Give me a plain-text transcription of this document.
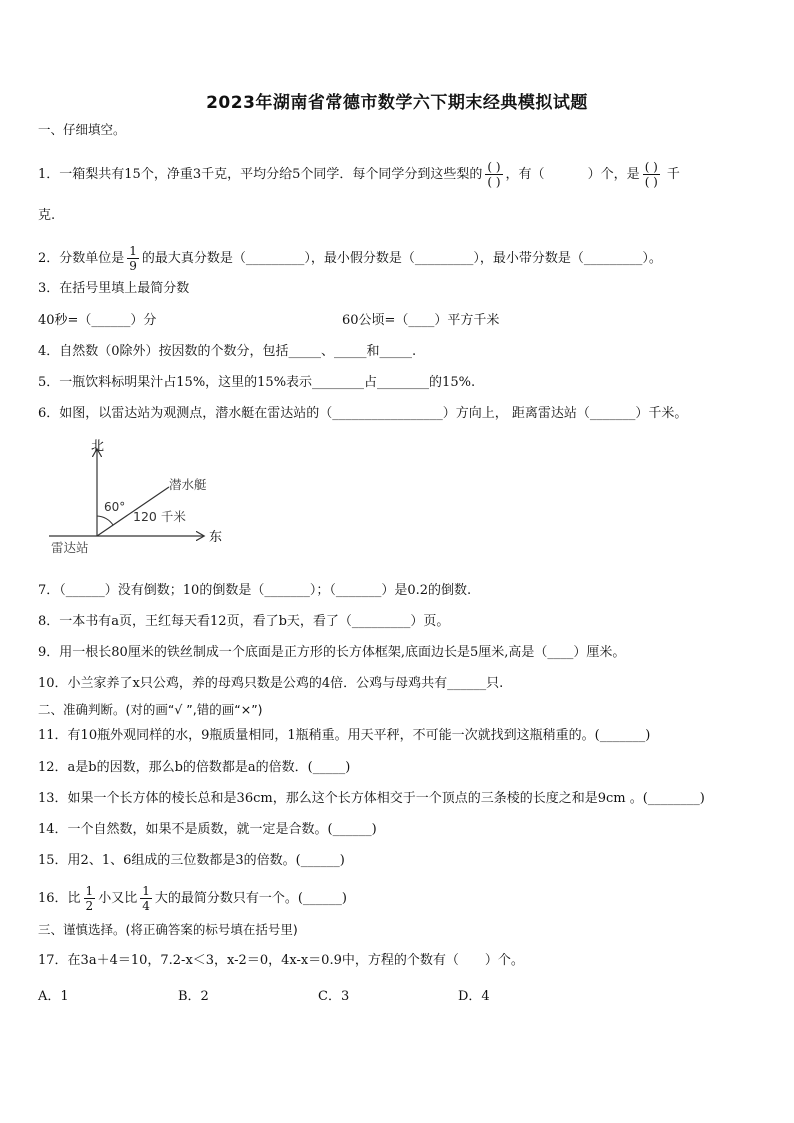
2023年湖南省常德市数学六下期末经典模拟试题
一、仔细填空。
1．一箱梨共有15个，净重3千克，平均分给5个同学．每个同学分到这些梨的 ( )
( ) ，有（ 　　　）个，是 ( )
( ) 千
克.
2．分数单位是 $\frac{1}{9}$ 的最大真分数是（_________），最小假分数是（_________），最小带分数是（_________）。
3．在括号里填上最简分数
40秒=（______）分	60公顷=（____）平方千米
4．自然数（0除外）按因数的个数分，包括_____、_____和_____.
5．一瓶饮料标明果汁占15%，这里的15%表示________占________的15%.
6．如图，以雷达站为观测点，潜水艇在雷达站的（_________________）方向上， 距离雷达站（_______）千米。
北
东
雷达站
潜水艇
60°
120 千米
7．（______）没有倒数；10的倒数是（_______）；（_______）是0.2的倒数.
8．一本书有a页，王红每天看12页，看了b天，看了（_________）页。
9．用一根长80厘米的铁丝制成一个底面是正方形的长方体框架,底面边长是5厘米,高是（____）厘米。
10．小兰家养了x只公鸡，养的母鸡只数是公鸡的4倍．公鸡与母鸡共有______只.
二、准确判断。(对的画“√ ”,错的画“×”)
11．有10瓶外观同样的水，9瓶质量相同，1瓶稍重。用天平秤，不可能一次就找到这瓶稍重的。(_______)
12．a是b的因数，那么b的倍数都是a的倍数．(_____)
13．如果一个长方体的棱长总和是36cm，那么这个长方体相交于一个顶点的三条棱的长度之和是9cm 。(________)
14．一个自然数，如果不是质数，就一定是合数。(______)
15．用2、1、6组成的三位数都是3的倍数。(______)
16．比 $\frac{1}{2}$ 小又比 $\frac{1}{4}$ 大的最简分数只有一个。(______)
三、谨慎选择。(将正确答案的标号填在括号里)
17．在3a＋4＝10，7.2-x＜3，x-2＝0，4x-x＝0.9中，方程的个数有（　　）个。
A．1	B．2	C．3	D．4
